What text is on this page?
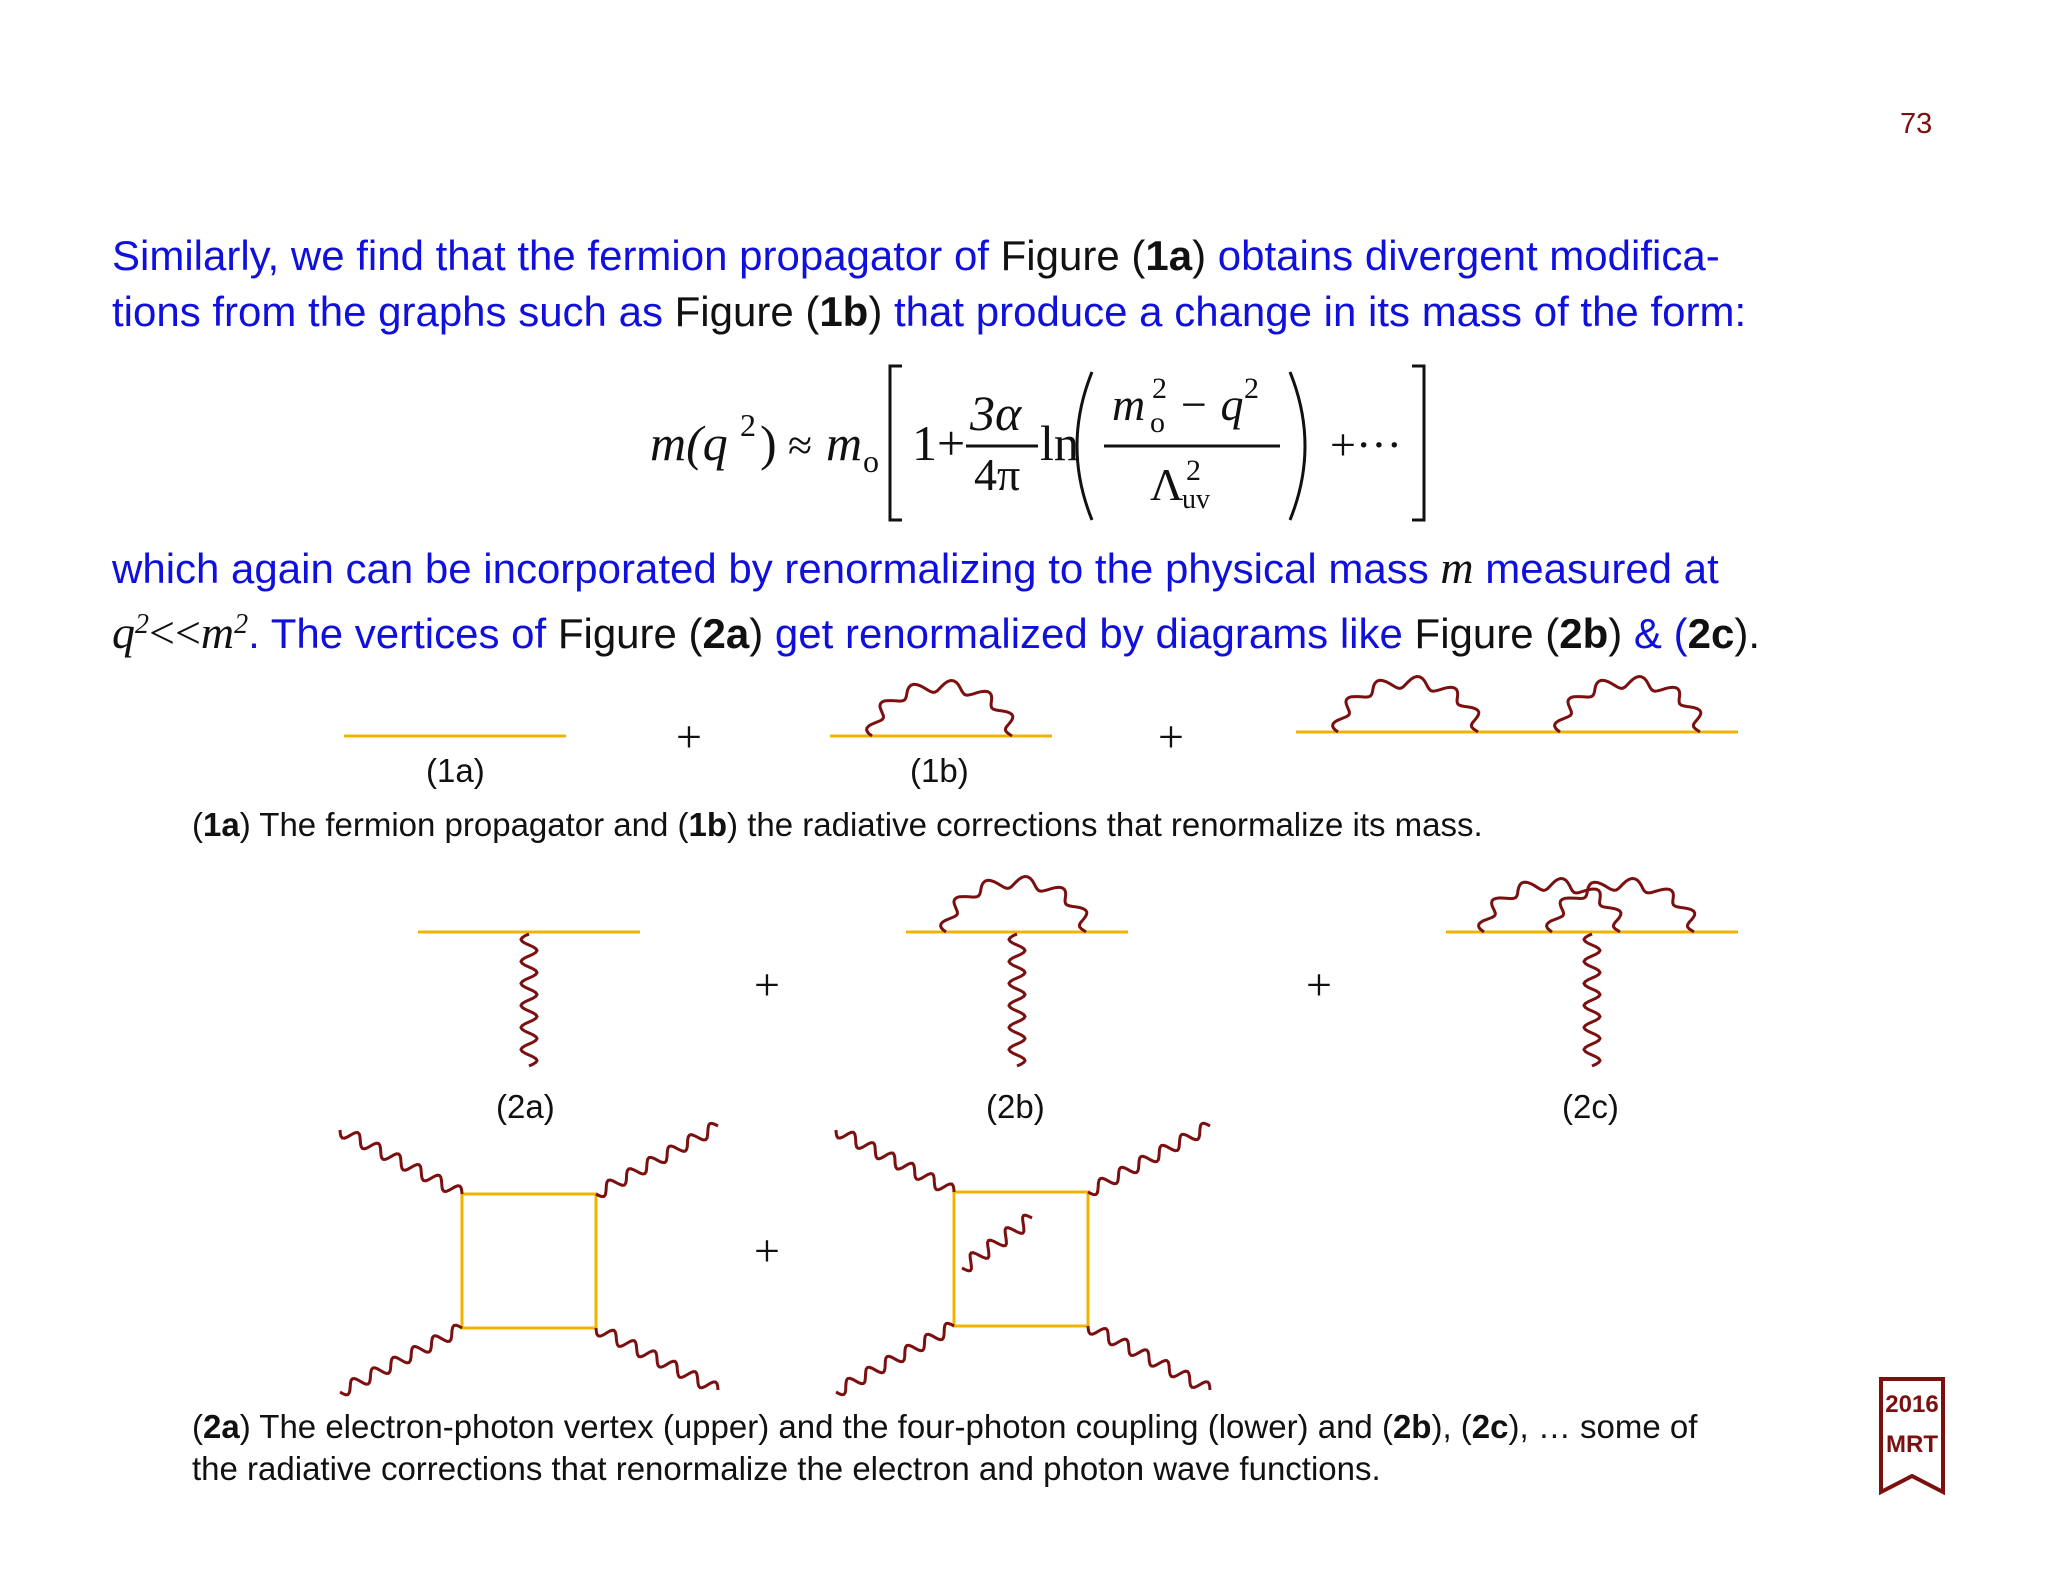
73
Similarly, we find that the fermion propagator of Figure (1a) obtains divergent modifica-
tions from the graphs such as Figure (1b) that produce a change in its mass of the form:
m(q 2 ) ≈ m o 1+
3α
4π
ln
m 2
o − q 2
Λ 2
uv
+···
which again can be incorporated by renormalizing to the physical mass m measured at
$q^2<<m^2$. The vertices of Figure (2a) get renormalized by diagrams like Figure (2b) & (2c).
(1a)	(1b)
(2a)	(2b)	(2c)
+	+
+	+
+
(1a) The fermion propagator and (1b) the radiative corrections that renormalize its mass.
(2a) The electron-photon vertex (upper) and the four-photon coupling (lower) and (2b), (2c), … some of
the radiative corrections that renormalize the electron and photon wave functions.
2016
MRT
